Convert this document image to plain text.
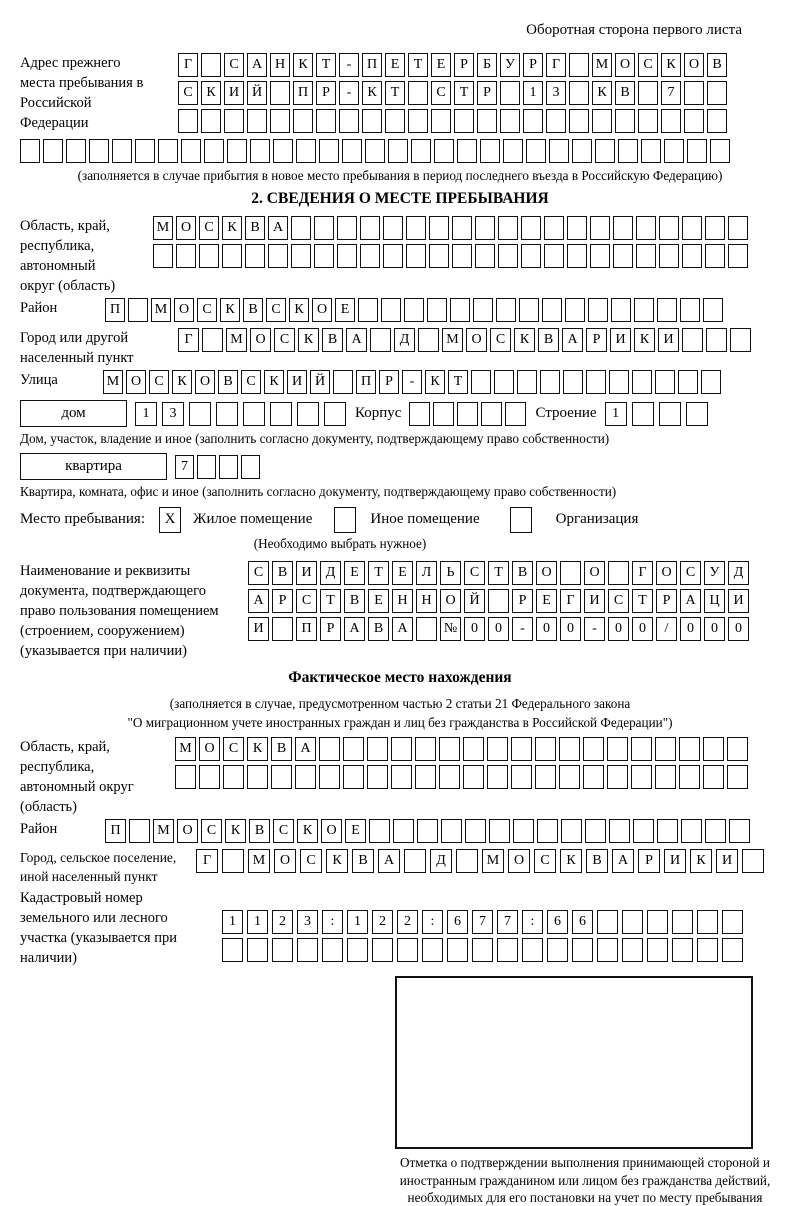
Оборотная сторона первого листа
Адрес прежнего места пребывания в Российской Федерации
Г	С А Н К Т - П Е Т Е Р Б У Р Г	М О С К О В
С К И Й	П Р - К Т	С Т Р	1 3	К В	7
(заполняется в случае прибытия в новое место пребывания в период последнего въезда в Российскую Федерацию)
2. СВЕДЕНИЯ О МЕСТЕ ПРЕБЫВАНИЯ
Область, край, республика, автономный округ (область)
М О С К В А
Район	П М О С К В С К О Е
Город или другой населенный пункт
Г	М О С К В А	Д	М О С К В А Р И К И
Улица	М О С К О В С К И Й	П Р - К Т
дом	1 3	Корпус	Строение	1
Дом, участок, владение и иное (заполнить согласно документу, подтверждающему право собственности)
квартира	7
Квартира, комната, офис и иное (заполнить согласно документу, подтверждающему право собственности)
Место пребывания:	X	Жилое помещение	Иное помещение	Организация
(Необходимо выбрать нужное)
Наименование и реквизиты документа, подтверждающего право пользования помещением (строением, сооружением) (указывается при наличии)
С В И Д Е Т Е Л Ь С Т В О	О	Г О С У Д
А Р С Т В Е Н Н О Й	Р Е Г И С Т Р А Ц И
И	П Р А В А	№ 0 0 - 0 0 - 0 0 / 0 0 0
Фактическое место нахождения
(заполняется в случае, предусмотренном частью 2 статьи 21 Федерального закона
"О миграционном учете иностранных граждан и лиц без гражданства в Российской Федерации")
Область, край, республика, автономный округ (область)
М О С К В А
Район	П	М О С К В С К О Е
Город, сельское поселение, иной населенный пункт
Г	М О С К В А	Д	М О С К В А Р И К И
Кадастровый номер земельного или лесного участка (указывается при наличии)
1 1 2 3 : 1 2 2 : 6 7 7 : 6 6
Отметка о подтверждении выполнения принимающей стороной и иностранным гражданином или лицом без гражданства действий, необходимых для его постановки на учет по месту пребывания
